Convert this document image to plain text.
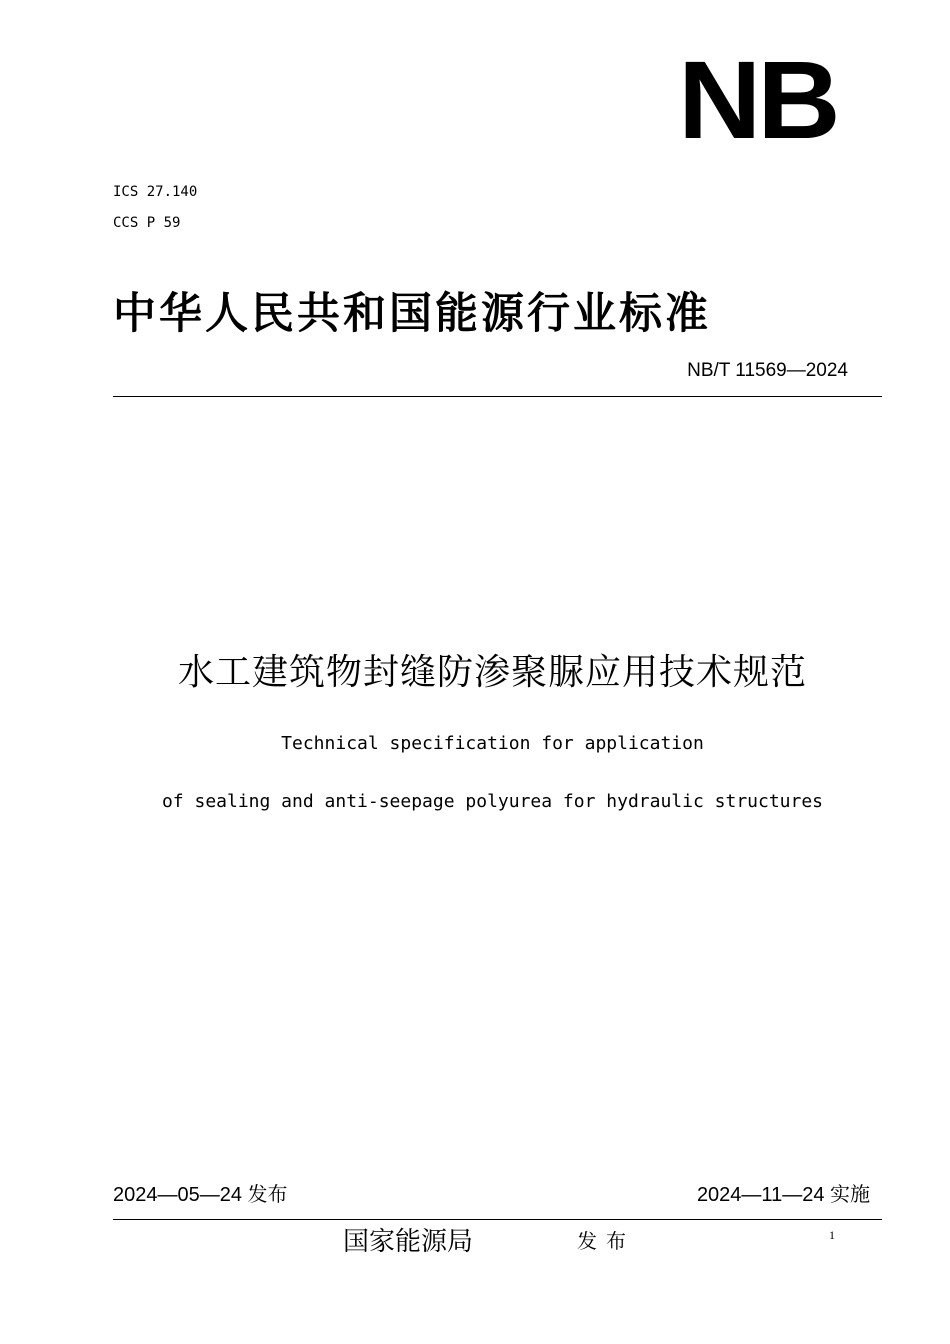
NB
ICS 27.140
CCS P 59
中华人民共和国能源行业标准
NB/T 11569—2024
水工建筑物封缝防渗聚脲应用技术规范
Technical specification for application
of sealing and anti-seepage polyurea for hydraulic structures
2024—05—24 发布	2024—11—24 实施
国家能源局	发布	1
